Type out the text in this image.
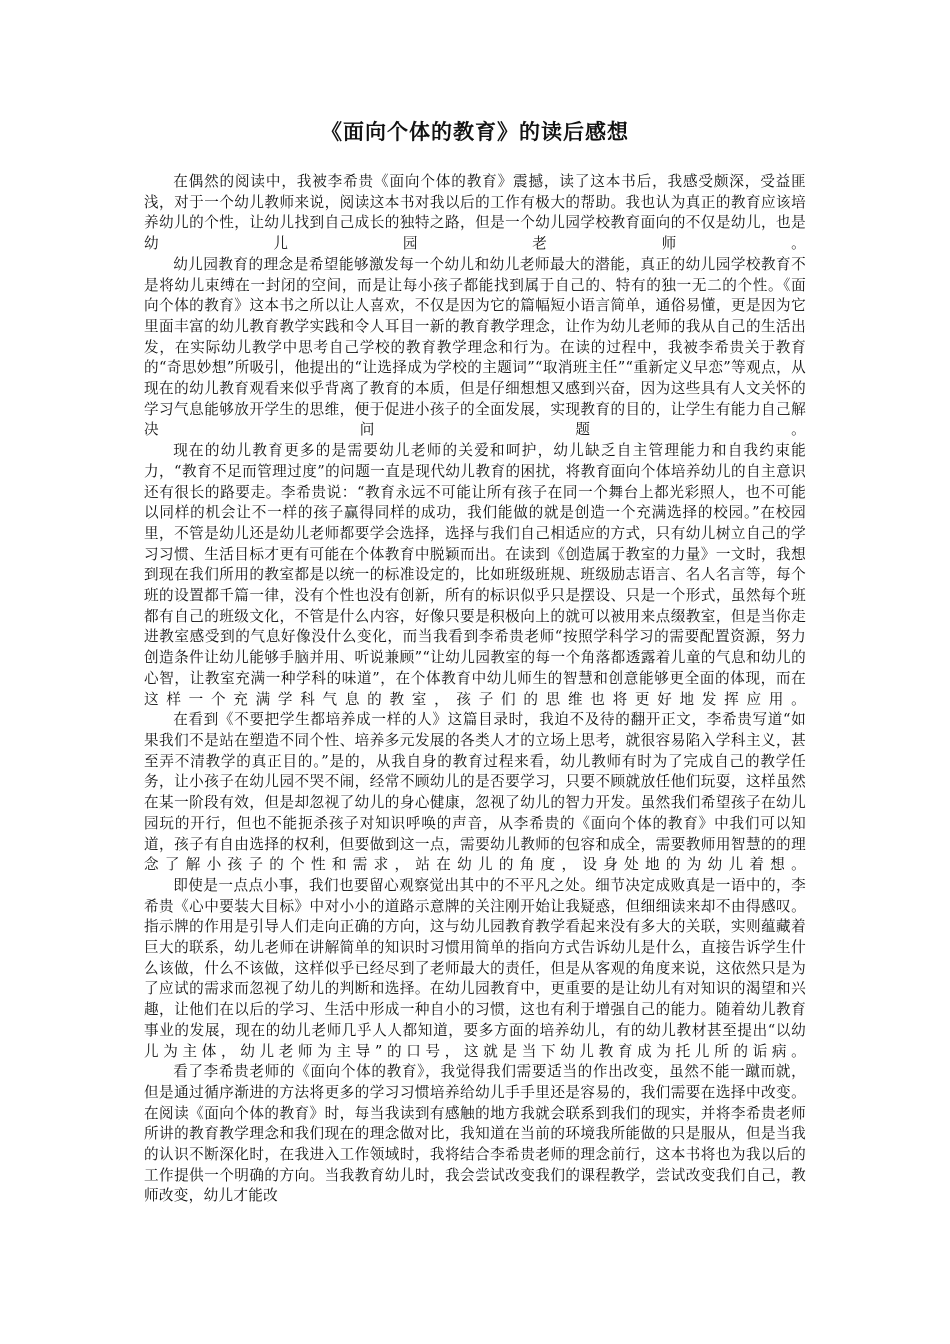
《面向个体的教育》的读后感想

在偶然的阅读中，我被李希贵《面向个体的教育》震撼，读了这本书后，我感受颇深，受益匪浅，对于一个幼儿教师来说，阅读这本书对我以后的工作有极大的帮助。我也认为真正的教育应该培养幼儿的个性，让幼儿找到自己成长的独特之路，但是一个幼儿园学校教育面向的不仅是幼儿，也是幼儿园老师。

幼儿园教育的理念是希望能够激发每一个幼儿和幼儿老师最大的潜能，真正的幼儿园学校教育不是将幼儿束缚在一封闭的空间，而是让每小孩子都能找到属于自己的、特有的独一无二的个性。《面向个体的教育》这本书之所以让人喜欢，不仅是因为它的篇幅短小语言简单，通俗易懂，更是因为它里面丰富的幼儿教育教学实践和令人耳目一新的教育教学理念，让作为幼儿老师的我从自己的生活出发，在实际幼儿教学中思考自己学校的教育教学理念和行为。在读的过程中，我被李希贵关于教育的“奇思妙想”所吸引，他提出的“让选择成为学校的主题词”“取消班主任”“重新定义早恋”等观点，从现在的幼儿教育观看来似乎背离了教育的本质，但是仔细想想又感到兴奋，因为这些具有人文关怀的学习气息能够放开学生的思维，便于促进小孩子的全面发展，实现教育的目的，让学生有能力自己解决问题。

现在的幼儿教育更多的是需要幼儿老师的关爱和呵护，幼儿缺乏自主管理能力和自我约束能力，“教育不足而管理过度”的问题一直是现代幼儿教育的困扰，将教育面向个体培养幼儿的自主意识还有很长的路要走。李希贵说：“教育永远不可能让所有孩子在同一个舞台上都光彩照人，也不可能以同样的机会让不一样的孩子赢得同样的成功，我们能做的就是创造一个充满选择的校园。”在校园里，不管是幼儿还是幼儿老师都要学会选择，选择与我们自己相适应的方式，只有幼儿树立自己的学习习惯、生活目标才更有可能在个体教育中脱颖而出。在读到《创造属于教室的力量》一文时，我想到现在我们所用的教室都是以统一的标准设定的，比如班级班规、班级励志语言、名人名言等，每个班的设置都千篇一律，没有个性也没有创新，所有的标识似乎只是摆设、只是一个形式，虽然每个班都有自己的班级文化，不管是什么内容，好像只要是积极向上的就可以被用来点缀教室，但是当你走进教室感受到的气息好像没什么变化，而当我看到李希贵老师“按照学科学习的需要配置资源，努力创造条件让幼儿能够手脑并用、听说兼顾”“让幼儿园教室的每一个角落都透露着儿童的气息和幼儿的心智，让教室充满一种学科的味道”，在个体教育中幼儿师生的智慧和创意能够更全面的体现，而在这样一个充满学科气息的教室，孩子们的思维也将更好地发挥应用。

在看到《不要把学生都培养成一样的人》这篇目录时，我迫不及待的翻开正文，李希贵写道“如果我们不是站在塑造不同个性、培养多元发展的各类人才的立场上思考，就很容易陷入学科主义，甚至弄不清教学的真正目的。”是的，从我自身的教育过程来看，幼儿教师有时为了完成自己的教学任务，让小孩子在幼儿园不哭不闹，经常不顾幼儿的是否要学习，只要不顾就放任他们玩耍，这样虽然在某一阶段有效，但是却忽视了幼儿的身心健康，忽视了幼儿的智力开发。虽然我们希望孩子在幼儿园玩的开行，但也不能扼杀孩子对知识呼唤的声音，从李希贵的《面向个体的教育》中我们可以知道，孩子有自由选择的权利，但要做到这一点，需要幼儿教师的包容和成全，需要教师用智慧的的理念了解小孩子的个性和需求，站在幼儿的角度，设身处地的为幼儿着想。

即使是一点点小事，我们也要留心观察觉出其中的不平凡之处。细节决定成败真是一语中的，李希贵《心中要装大目标》中对小小的道路示意牌的关注刚开始让我疑惑，但细细读来却不由得感叹。指示牌的作用是引导人们走向正确的方向，这与幼儿园教育教学看起来没有多大的关联，实则蕴藏着巨大的联系，幼儿老师在讲解简单的知识时习惯用简单的指向方式告诉幼儿是什么，直接告诉学生什么该做，什么不该做，这样似乎已经尽到了老师最大的责任，但是从客观的角度来说，这依然只是为了应试的需求而忽视了幼儿的判断和选择。在幼儿园教育中，更重要的是让幼儿有对知识的渴望和兴趣，让他们在以后的学习、生活中形成一种自小的习惯，这也有利于增强自己的能力。随着幼儿教育事业的发展，现在的幼儿老师几乎人人都知道，要多方面的培养幼儿，有的幼儿教材甚至提出“以幼儿为主体，幼儿老师为主导”的口号，这就是当下幼儿教育成为托儿所的诟病。

看了李希贵老师的《面向个体的教育》，我觉得我们需要适当的作出改变，虽然不能一蹴而就，但是通过循序渐进的方法将更多的学习习惯培养给幼儿手手里还是容易的，我们需要在选择中改变。在阅读《面向个体的教育》时，每当我读到有感触的地方我就会联系到我们的现实，并将李希贵老师所讲的教育教学理念和我们现在的理念做对比，我知道在当前的环境我所能做的只是服从，但是当我的认识不断深化时，在我进入工作领域时，我将结合李希贵老师的理念前行，这本书将也为我以后的工作提供一个明确的方向。当我教育幼儿时，我会尝试改变我们的课程教学，尝试改变我们自己，教师改变，幼儿才能改
